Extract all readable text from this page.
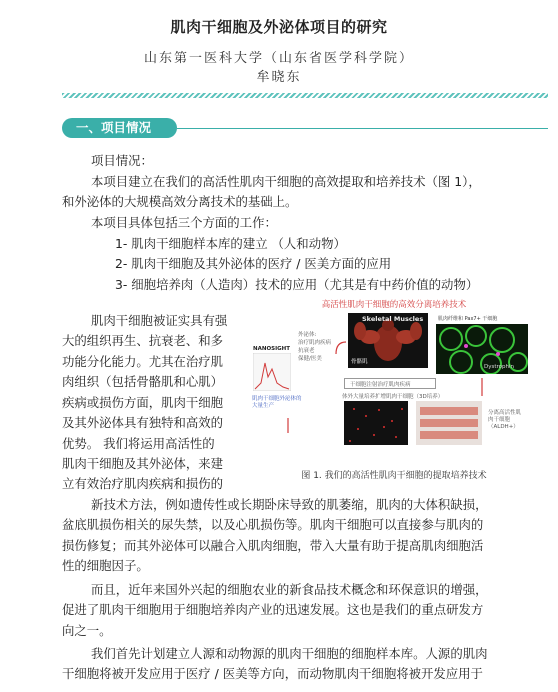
肌肉干细胞及外泌体项目的研究
山东第一医科大学（山东省医学科学院）
牟晓东
一、项目情况
项目情况：
本项目建立在我们的高活性肌肉干细胞的高效提取和培养技术（图 1），
和外泌体的大规模高效分离技术的基础上。
本项目具体包括三个方面的工作：
1- 肌肉干细胞样本库的建立 （人和动物）
2- 肌肉干细胞及其外泌体的医疗 / 医美方面的应用
3- 细胞培养肉（人造肉）技术的应用（尤其是有中药价值的动物）
肌肉干细胞被证实具有强
大的组织再生、抗衰老、和多
功能分化能力。尤其在治疗肌
肉组织（包括骨骼肌和心肌）
疾病或损伤方面，肌肉干细胞
及其外泌体具有独特和高效的
优势。 我们将运用高活性的
肌肉干细胞及其外泌体，来建
立有效治疗肌肉疾病和损伤的
新技术方法，例如遗传性或长期卧床导致的肌萎缩，肌肉的大体积缺损，
盆底肌损伤相关的尿失禁，以及心肌损伤等。肌肉干细胞可以直接参与肌肉的
损伤修复；而其外泌体可以融合入肌肉细胞，带入大量有助于提高肌肉细胞活
性的细胞因子。
而且，近年来国外兴起的细胞农业的新食品技术概念和环保意识的增强，
促进了肌肉干细胞用于细胞培养肉产业的迅速发展。这也是我们的重点研发方
向之一。
我们首先计划建立人源和动物源的肌肉干细胞的细胞样本库。人源的肌肉
干细胞将被开发应用于医疗 / 医美等方向，而动物肌肉干细胞将被开发应用于
高活性肌肉干细胞的高效分离培养技术
Skeletal Muscles
骨骼肌
肌肉纤维和 Pax7+ 干细胞
Dystrophin
外泌体:
治疗肌肉疾病
抗衰老
保健/医美
NANOSIGHT
肌肉干细胞外泌体的
大量生产
干细胞注射治疗肌肉疾病
体外大量培养扩增肌肉干细胞（3D培养）
分离高活性肌
肉干细胞
（ALDH+）
图 1. 我们的高活性肌肉干细胞的提取培养技术
